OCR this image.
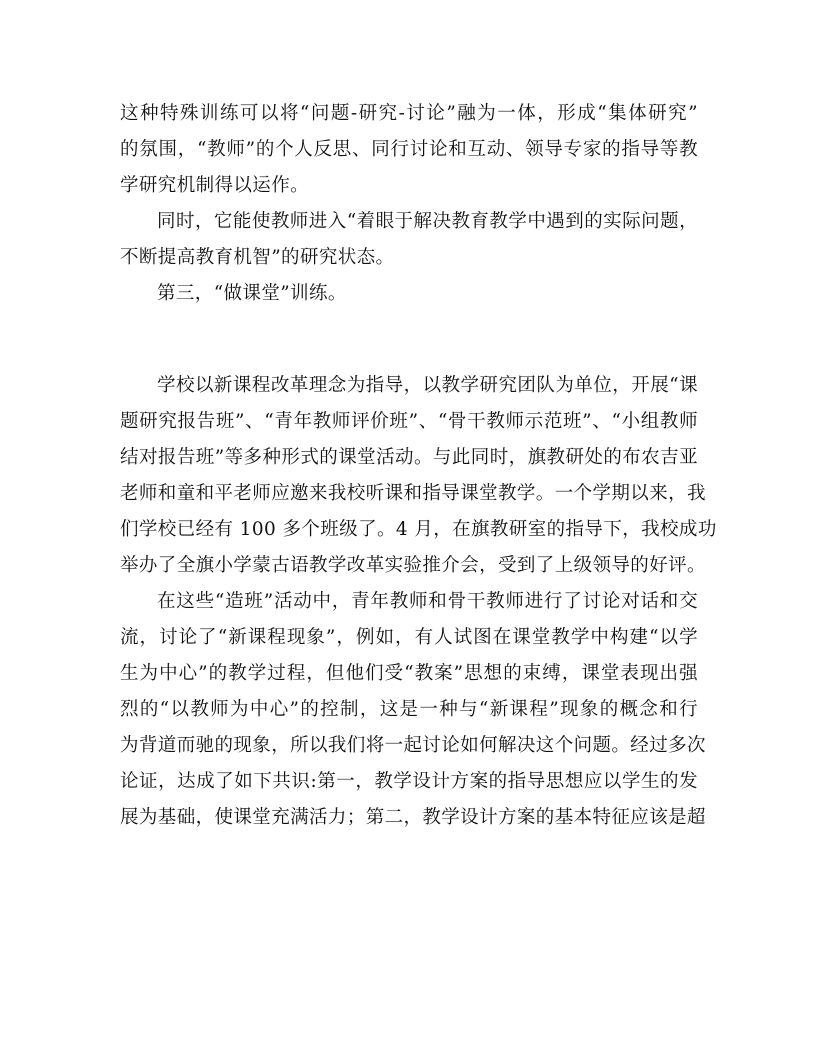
这种特殊训练可以将“问题-研究-讨论”融为一体，形成“集体研究”
的氛围，“教师”的个人反思、同行讨论和互动、领导专家的指导等教
学研究机制得以运作。
同时，它能使教师进入“着眼于解决教育教学中遇到的实际问题，
不断提高教育机智”的研究状态。
第三，“做课堂”训练。
学校以新课程改革理念为指导，以教学研究团队为单位，开展“课
题研究报告班”、“青年教师评价班”、“骨干教师示范班”、“小组教师
结对报告班”等多种形式的课堂活动。与此同时，旗教研处的布农吉亚
老师和童和平老师应邀来我校听课和指导课堂教学。一个学期以来，我
们学校已经有 100 多个班级了。4 月，在旗教研室的指导下，我校成功
举办了全旗小学蒙古语教学改革实验推介会，受到了上级领导的好评。
在这些“造班”活动中，青年教师和骨干教师进行了讨论对话和交
流，讨论了“新课程现象”，例如，有人试图在课堂教学中构建“以学
生为中心”的教学过程，但他们受“教案”思想的束缚，课堂表现出强
烈的“以教师为中心”的控制，这是一种与“新课程”现象的概念和行
为背道而驰的现象，所以我们将一起讨论如何解决这个问题。经过多次
论证，达成了如下共识:第一，教学设计方案的指导思想应以学生的发
展为基础，使课堂充满活力；第二，教学设计方案的基本特征应该是超
